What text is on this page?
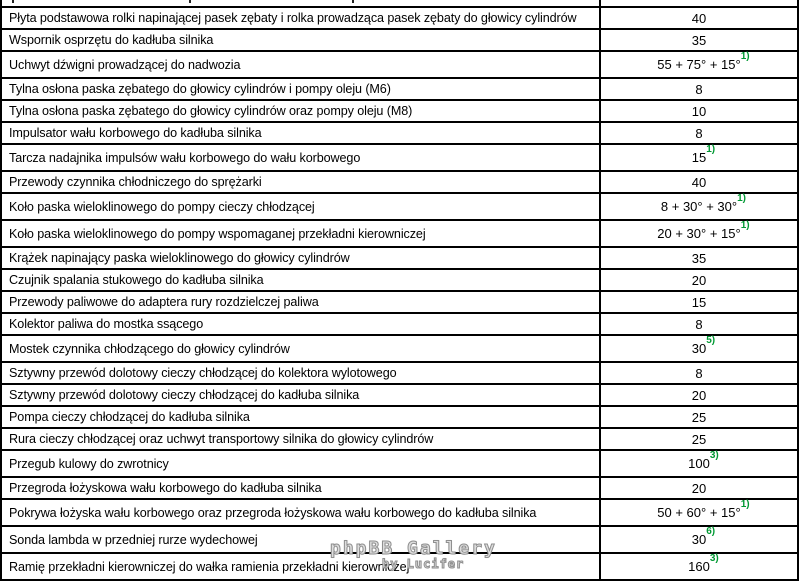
Płyta podstawowa rolki napinającej pasek zębaty i rolka prowadząca pasek zębaty do głowicy cylindrów	40
Wspornik osprzętu do kadłuba silnika	35
Uchwyt dźwigni prowadzącej do nadwozia	55 + 75° + 15°
1)
Tylna osłona paska zębatego do głowicy cylindrów i pompy oleju (M6)	8
Tylna osłona paska zębatego do głowicy cylindrów oraz pompy oleju (M8)	10
Impulsator wału korbowego do kadłuba silnika	8
Tarcza nadajnika impulsów wału korbowego do wału korbowego	15
1)
Przewody czynnika chłodniczego do sprężarki	40
Koło paska wieloklinowego do pompy cieczy chłodzącej	8 + 30° + 30°
1)
Koło paska wieloklinowego do pompy wspomaganej przekładni kierowniczej	20 + 30° + 15°
1)
Krążek napinający paska wieloklinowego do głowicy cylindrów	35
Czujnik spalania stukowego do kadłuba silnika	20
Przewody paliwowe do adaptera rury rozdzielczej paliwa	15
Kolektor paliwa do mostka ssącego	8
Mostek czynnika chłodzącego do głowicy cylindrów	30
5)
Sztywny przewód dolotowy cieczy chłodzącej do kolektora wylotowego	8
Sztywny przewód dolotowy cieczy chłodzącej do kadłuba silnika	20
Pompa cieczy chłodzącej do kadłuba silnika	25
Rura cieczy chłodzącej oraz uchwyt transportowy silnika do głowicy cylindrów	25
Przegub kulowy do zwrotnicy	100
3)
Przegroda łożyskowa wału korbowego do kadłuba silnika	20
Pokrywa łożyska wału korbowego oraz przegroda łożyskowa wału korbowego do kadłuba silnika	50 + 60° + 15°
1)
Sonda lambda w przedniej rurze wydechowej	30
6)
Ramię przekładni kierowniczej do wałka ramienia przekładni kierowniczej	160
3)
phpBB Gallery
by Lucifer
